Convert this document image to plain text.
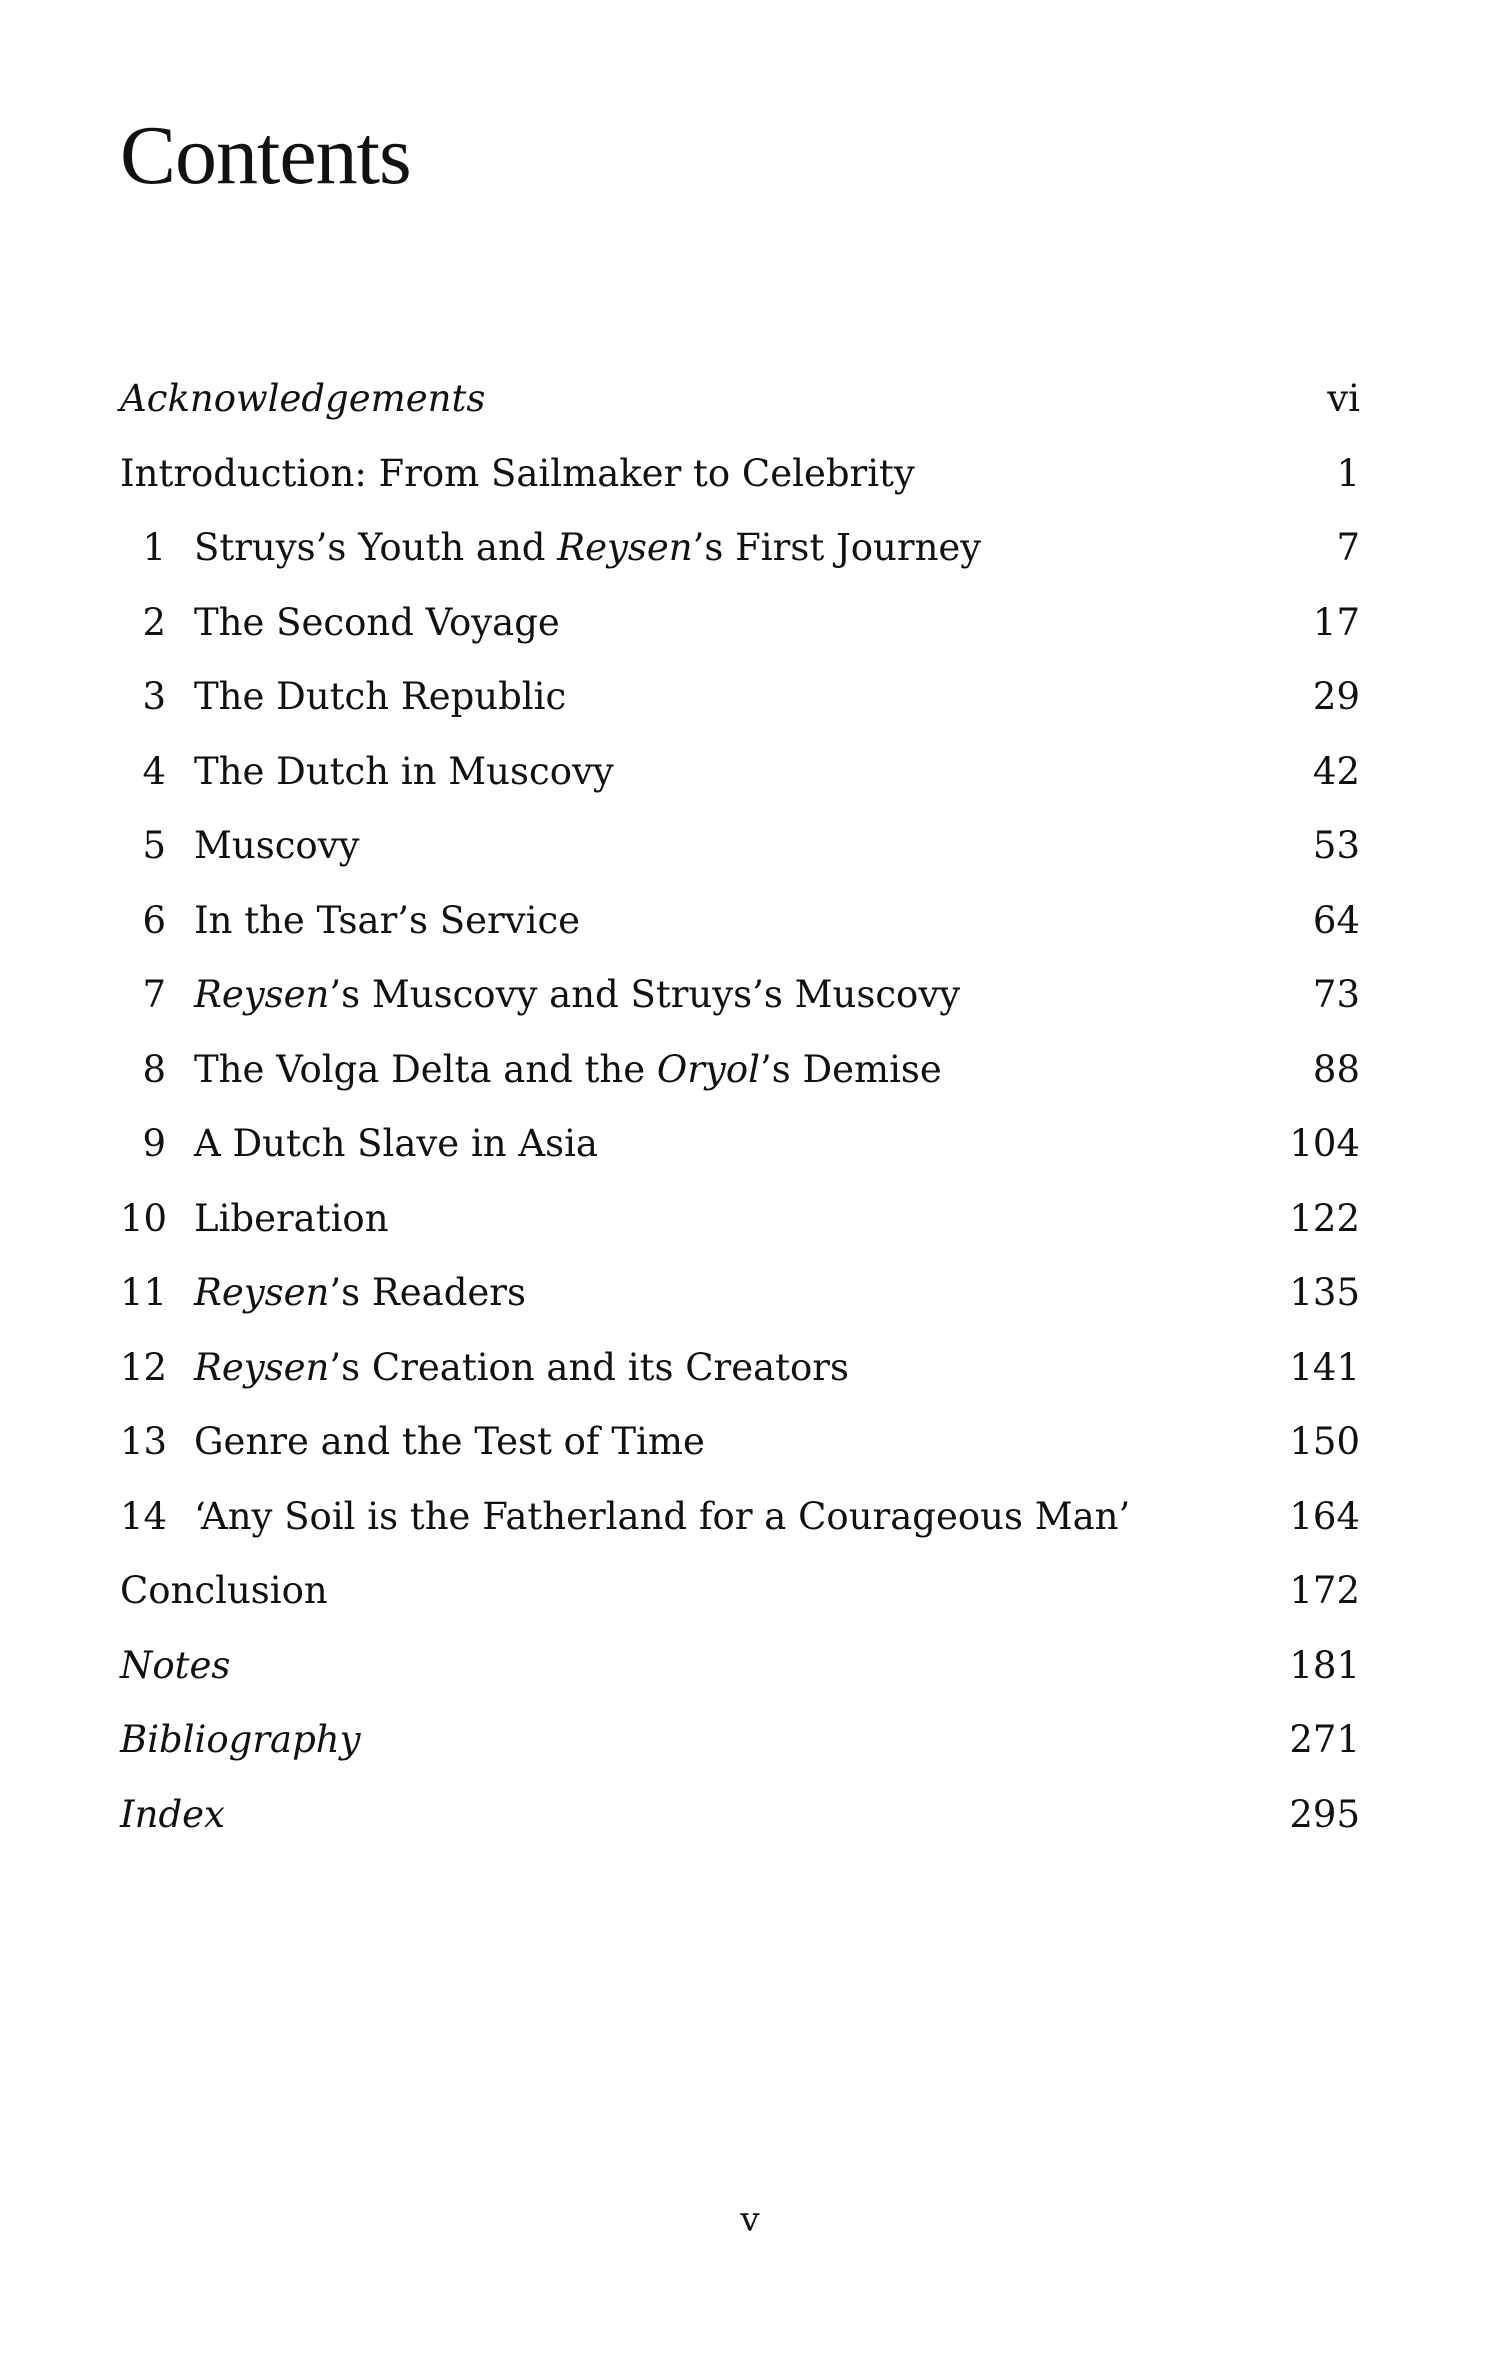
Contents
Acknowledgements	vi
Introduction: From Sailmaker to Celebrity	1
1 Struys’s Youth and Reysen’s First Journey	7
2 The Second Voyage	17
3 The Dutch Republic	29
4 The Dutch in Muscovy	42
5 Muscovy	53
6 In the Tsar’s Service	64
7 Reysen’s Muscovy and Struys’s Muscovy	73
8 The Volga Delta and the Oryol’s Demise	88
9 A Dutch Slave in Asia	104
10 Liberation	122
11 Reysen’s Readers	135
12 Reysen’s Creation and its Creators	141
13 Genre and the Test of Time	150
14 ‘Any Soil is the Fatherland for a Courageous Man’	164
Conclusion	172
Notes	181
Bibliography	271
Index	295
v
